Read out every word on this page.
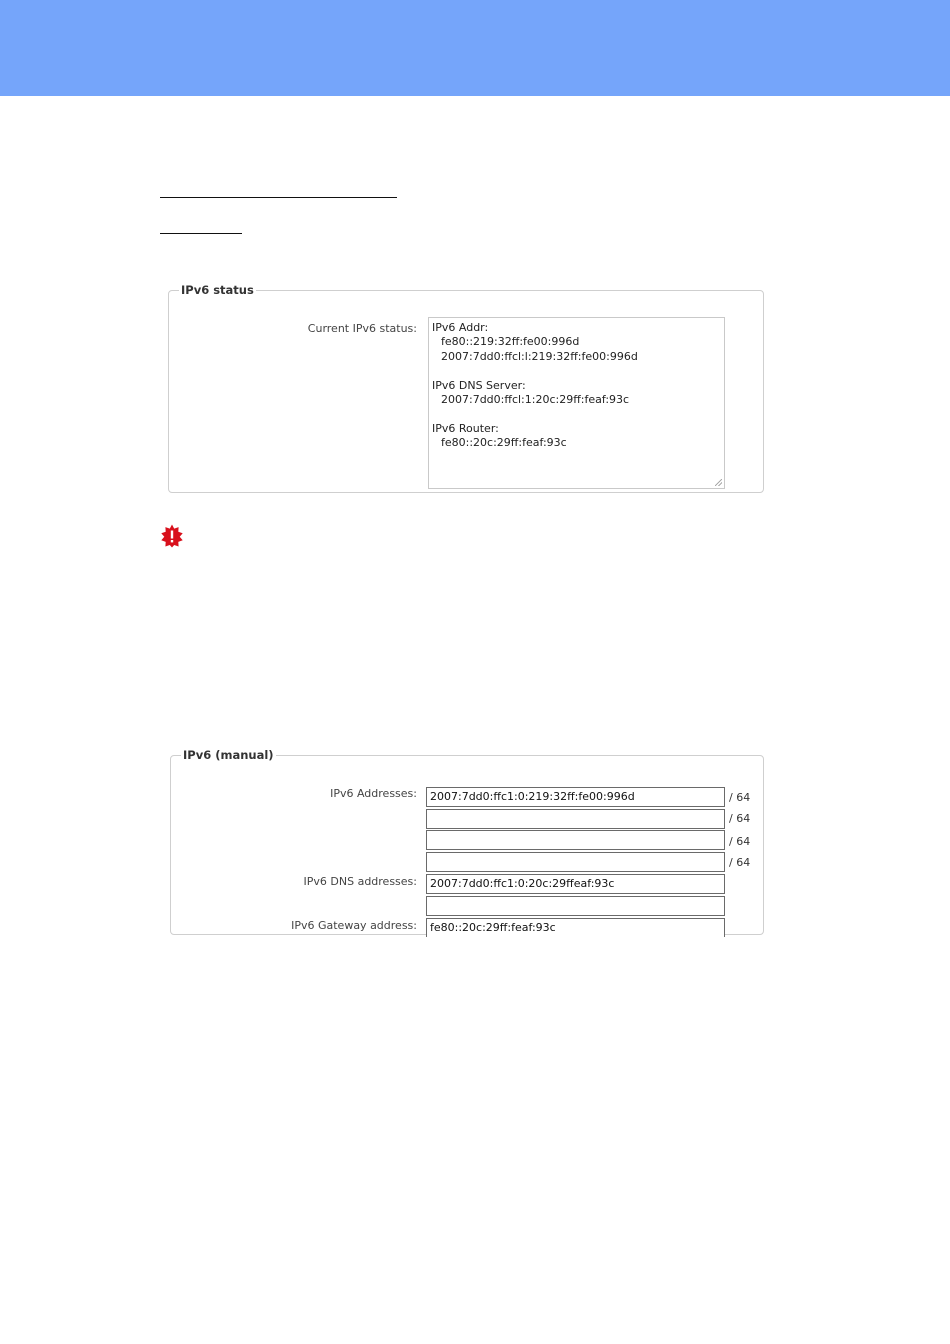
IPv6 status
Current IPv6 status: IPv6 Addr:
fe80::219:32ff:fe00:996d
2007:7dd0:ffcl:l:219:32ff:fe00:996d
IPv6 DNS Server:
2007:7dd0:ffcl:1:20c:29ff:feaf:93c
IPv6 Router:
fe80::20c:29ff:feaf:93c
IPv6 (manual)
IPv6 Addresses:	2007:7dd0:ffc1:0:219:32ff:fe00:996d	/ 64
/ 64
/ 64
/ 64
IPv6 DNS addresses:	2007:7dd0:ffc1:0:20c:29ffeaf:93c
IPv6 Gateway address:	fe80::20c:29ff:feaf:93c
